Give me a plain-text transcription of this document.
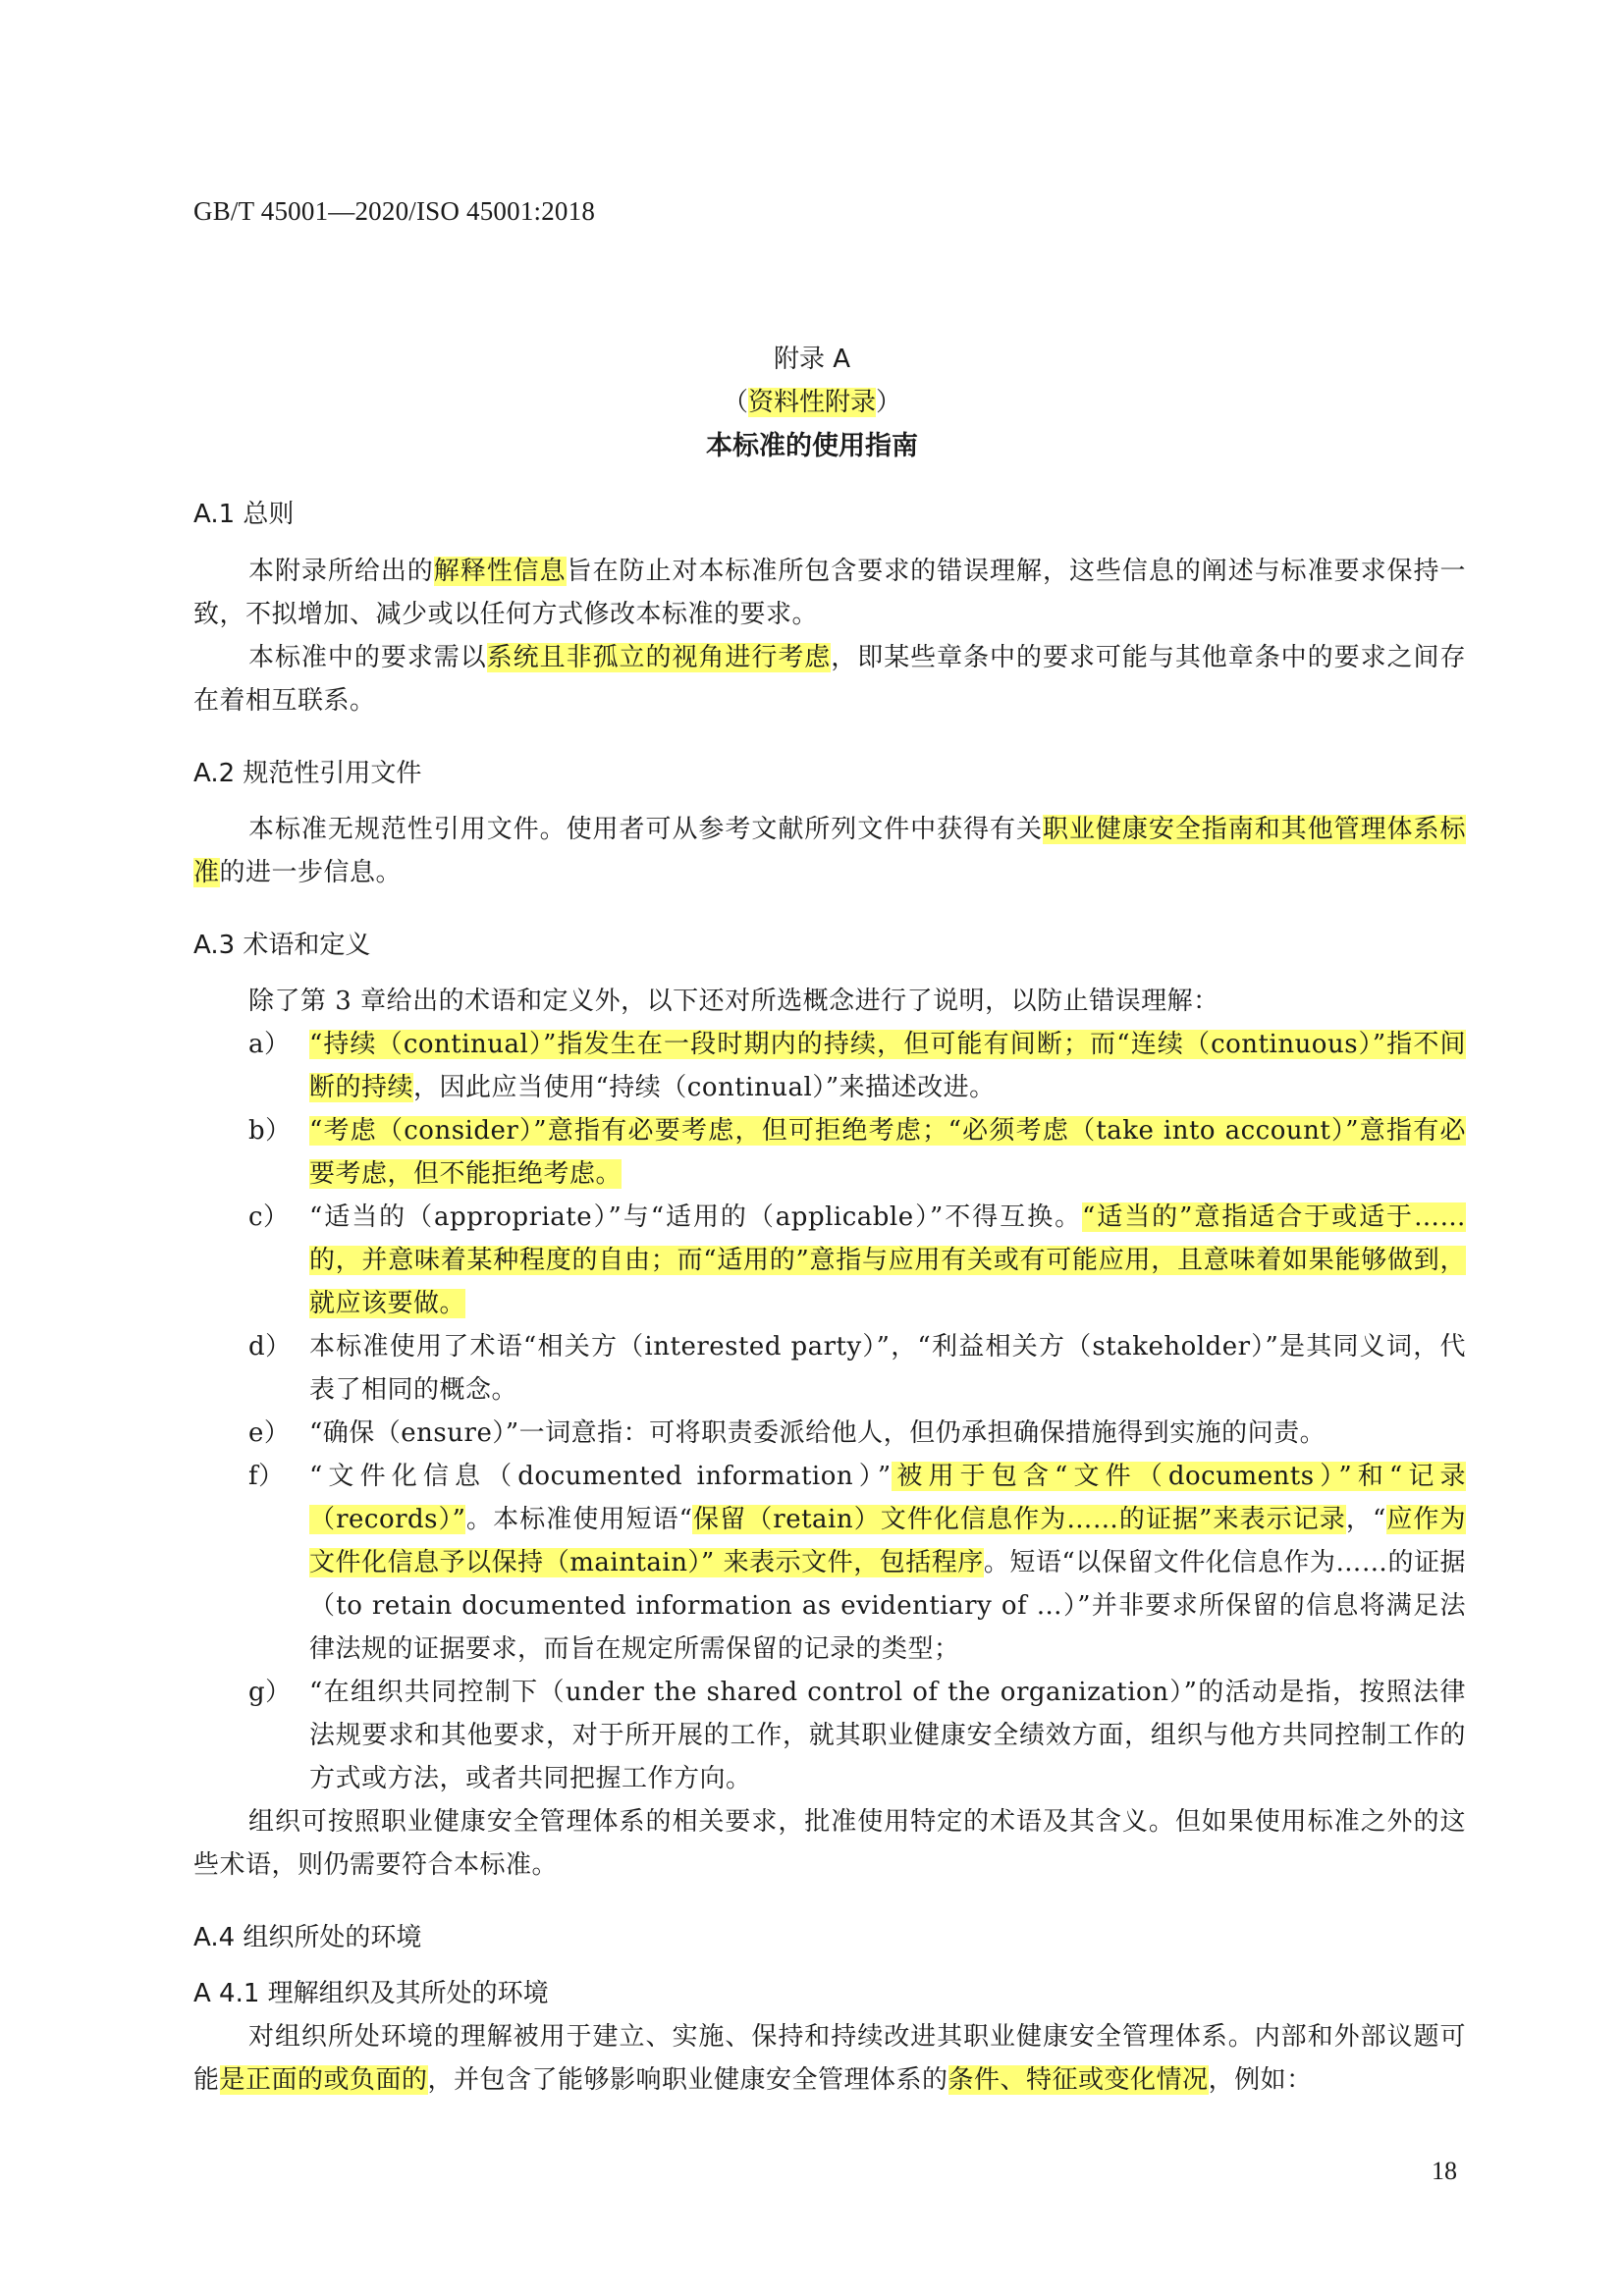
GB/T 45001—2020/ISO 45001:2018
附录 A
（资料性附录）
本标准的使用指南
A.1 总则
本附录所给出的解释性信息旨在防止对本标准所包含要求的错误理解，这些信息的阐述与标准要求保持一致，不拟增加、减少或以任何方式修改本标准的要求。
本标准中的要求需以系统且非孤立的视角进行考虑，即某些章条中的要求可能与其他章条中的要求之间存在着相互联系。
A.2 规范性引用文件
本标准无规范性引用文件。使用者可从参考文献所列文件中获得有关职业健康安全指南和其他管理体系标准的进一步信息。
A.3 术语和定义
除了第 3 章给出的术语和定义外，以下还对所选概念进行了说明，以防止错误理解：
a） “持续（continual）”指发生在一段时期内的持续，但可能有间断；而“连续（continuous）”指不间断的持续，因此应当使用“持续（continual）”来描述改进。
b） “考虑（consider）”意指有必要考虑，但可拒绝考虑；“必须考虑（take into account）”意指有必要考虑，但不能拒绝考虑。
c） “适当的（appropriate）”与“适用的（applicable）”不得互换。“适当的”意指适合于或适于……的，并意味着某种程度的自由；而“适用的”意指与应用有关或有可能应用，且意味着如果能够做到，就应该要做。
d） 本标准使用了术语“相关方（interested party）”，“利益相关方（stakeholder）”是其同义词，代表了相同的概念。
e） “确保（ensure）”一词意指：可将职责委派给他人，但仍承担确保措施得到实施的问责。
f） “文件化信息（documented information）”被用于包含“文件（documents）”和“记录（records）”。本标准使用短语“保留（retain）文件化信息作为……的证据”来表示记录，“应作为文件化信息予以保持（maintain）” 来表示文件，包括程序。短语“以保留文件化信息作为……的证据（to retain documented information as evidentiary of …）”并非要求所保留的信息将满足法律法规的证据要求，而旨在规定所需保留的记录的类型；
g） “在组织共同控制下（under the shared control of the organization）”的活动是指，按照法律法规要求和其他要求，对于所开展的工作，就其职业健康安全绩效方面，组织与他方共同控制工作的方式或方法，或者共同把握工作方向。
组织可按照职业健康安全管理体系的相关要求，批准使用特定的术语及其含义。但如果使用标准之外的这些术语，则仍需要符合本标准。
A.4 组织所处的环境
A 4.1 理解组织及其所处的环境
对组织所处环境的理解被用于建立、实施、保持和持续改进其职业健康安全管理体系。内部和外部议题可能是正面的或负面的，并包含了能够影响职业健康安全管理体系的条件、特征或变化情况，例如：
18
